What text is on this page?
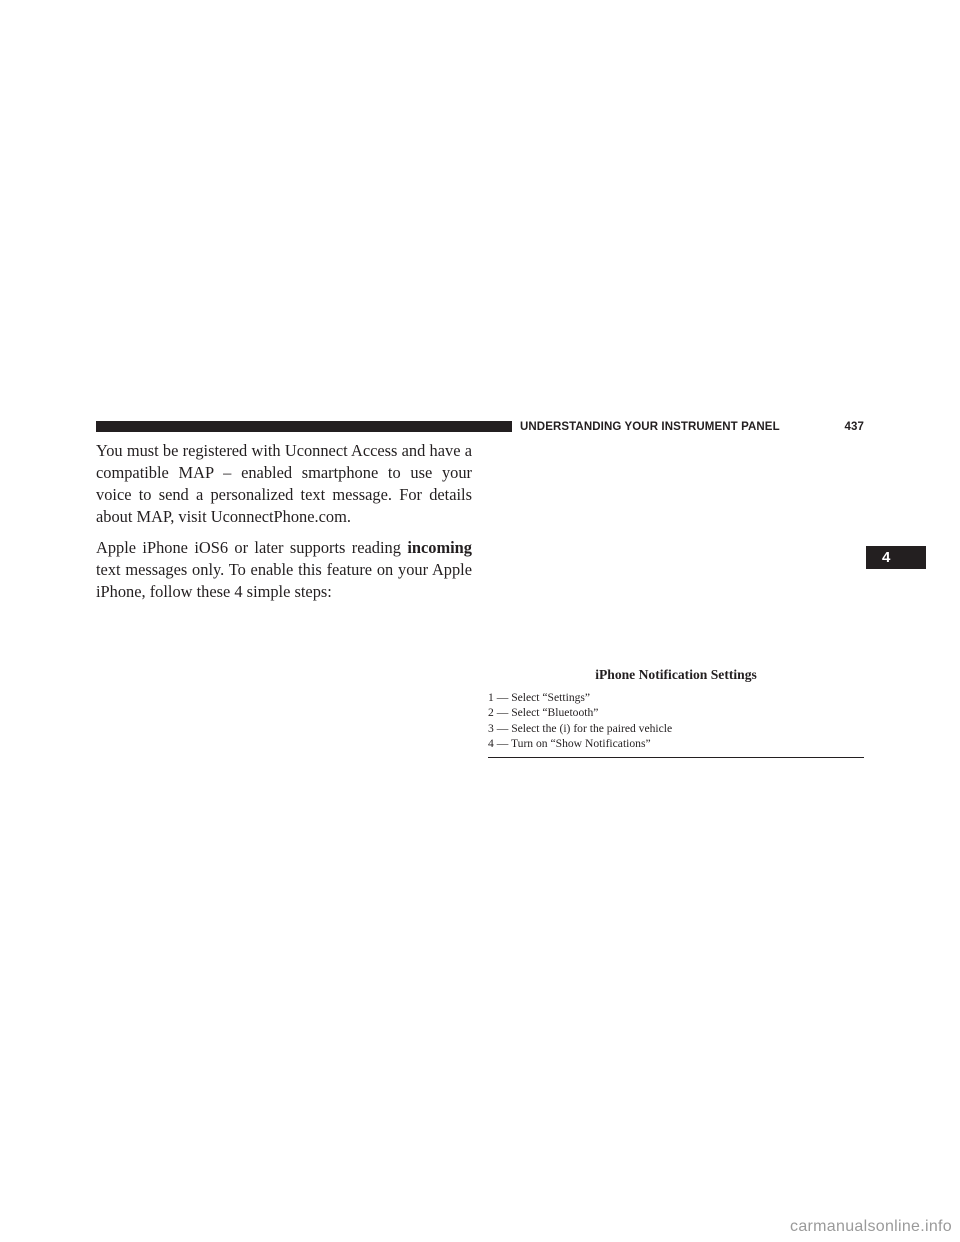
UNDERSTANDING YOUR INSTRUMENT PANEL	437

You must be registered with Uconnect Access and have a compatible MAP – enabled smartphone to use your voice to send a personalized text message. For details about MAP, visit UconnectPhone.com.

Apple iPhone iOS6 or later supports reading incoming text messages only. To enable this feature on your Apple iPhone, follow these 4 simple steps:

4
iPhone Notification Settings
1 — Select “Settings”
2 — Select “Bluetooth”
3 — Select the (i) for the paired vehicle
4 — Turn on “Show Notifications”
carmanualsonline.info
